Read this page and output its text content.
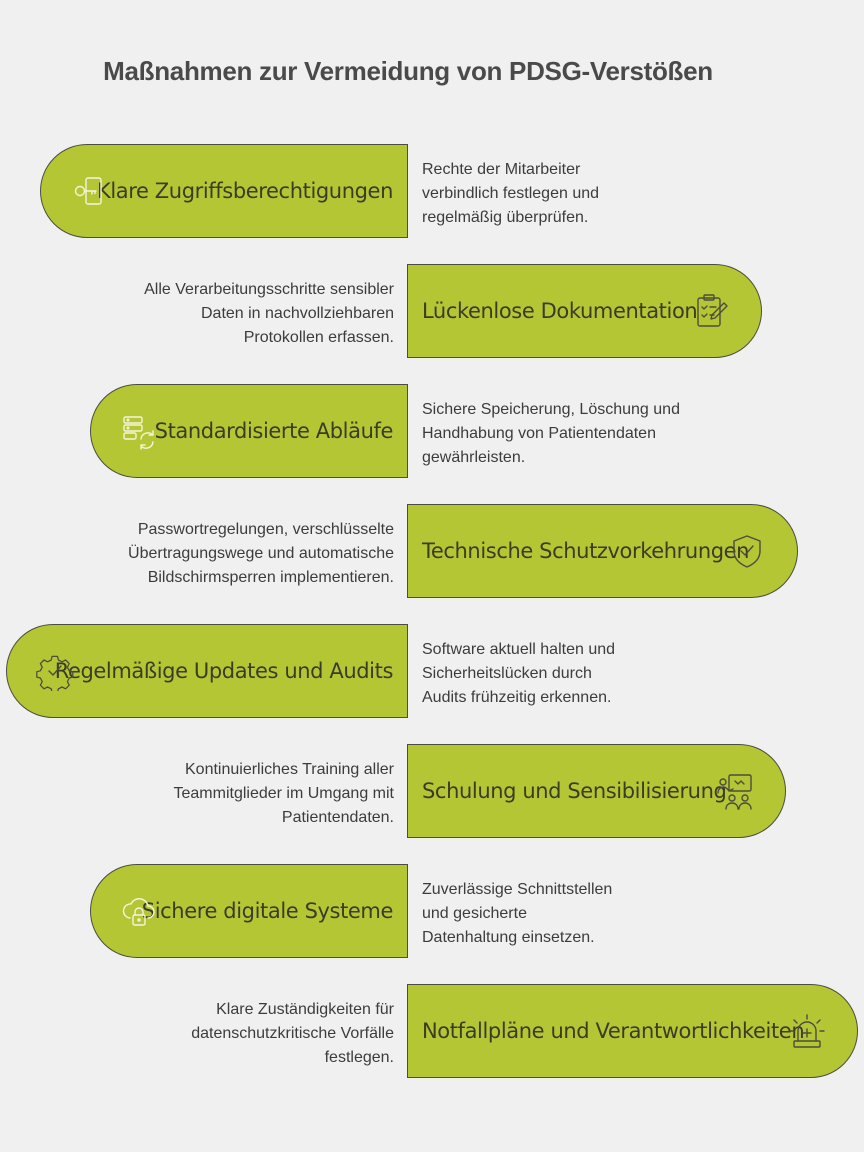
Maßnahmen zur Vermeidung von PDSG-Verstößen
Klare Zugriffsberechtigungen
Rechte der Mitarbeiter
verbindlich festlegen und
regelmäßig überprüfen.
Lückenlose Dokumentation
Alle Verarbeitungsschritte sensibler
Daten in nachvollziehbaren
Protokollen erfassen.
Standardisierte Abläufe
Sichere Speicherung, Löschung und
Handhabung von Patientendaten
gewährleisten.
Technische Schutzvorkehrungen
Passwortregelungen, verschlüsselte
Übertragungswege und automatische
Bildschirmsperren implementieren.
Regelmäßige Updates und Audits
Software aktuell halten und
Sicherheitslücken durch
Audits frühzeitig erkennen.
Schulung und Sensibilisierung
Kontinuierliches Training aller
Teammitglieder im Umgang mit
Patientendaten.
Sichere digitale Systeme
Zuverlässige Schnittstellen
und gesicherte
Datenhaltung einsetzen.
Notfallpläne und Verantwortlichkeiten
Klare Zuständigkeiten für
datenschutzkritische Vorfälle
festlegen.
